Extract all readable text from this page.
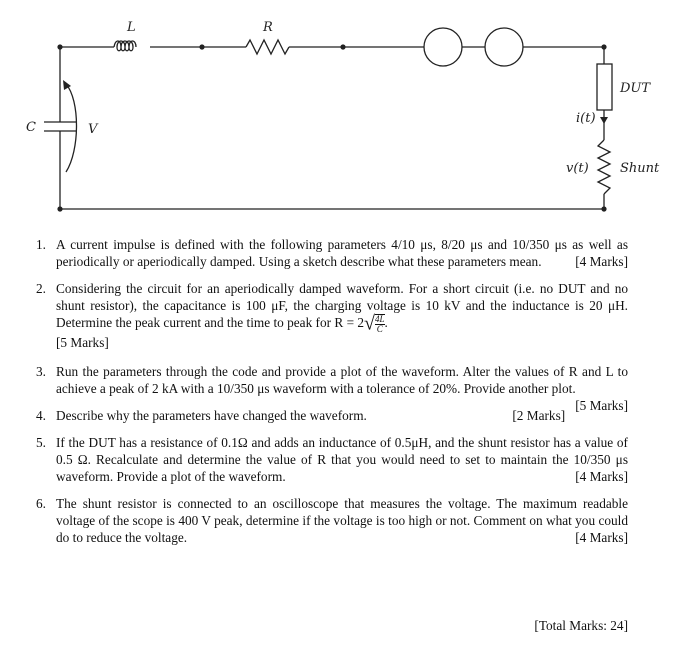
L	R
C	V
DUT
i(t)
v(t) Shunt
1. A current impulse is defined with the following parameters 4/10 μs, 8/20 μs and 10/350 μs as well as periodically or aperiodically damped. Using a sketch describe what these parameters mean.	[4 Marks]
2. Considering the circuit for an aperiodically damped waveform. For a short circuit (i.e. no DUT and no shunt resistor), the capacitance is 100 μF, the charging voltage is 10 kV and the inductance is 20 μH. Determine the peak current and the time to peak for $R = 2√ \frac{4L}{C}$ .
[5 Marks]
3. Run the parameters through the code and provide a plot of the waveform. Alter the values of R and L to achieve a peak of 2 kA with a 10/350 μs waveform with a tolerance of 20%. Provide another plot.
[5 Marks]
4. Describe why the parameters have changed the waveform.	[2 Marks]
5. If the DUT has a resistance of 0.1Ω and adds an inductance of 0.5μH, and the shunt resistor has a value of 0.5 Ω. Recalculate and determine the value of R that you would need to set to maintain the 10/350 μs waveform. Provide a plot of the waveform.	[4 Marks]
6. The shunt resistor is connected to an oscilloscope that measures the voltage. The maximum readable voltage of the scope is 400 V peak, determine if the voltage is too high or not. Comment on what you could do to reduce the voltage.	[4 Marks]
[Total Marks: 24]
